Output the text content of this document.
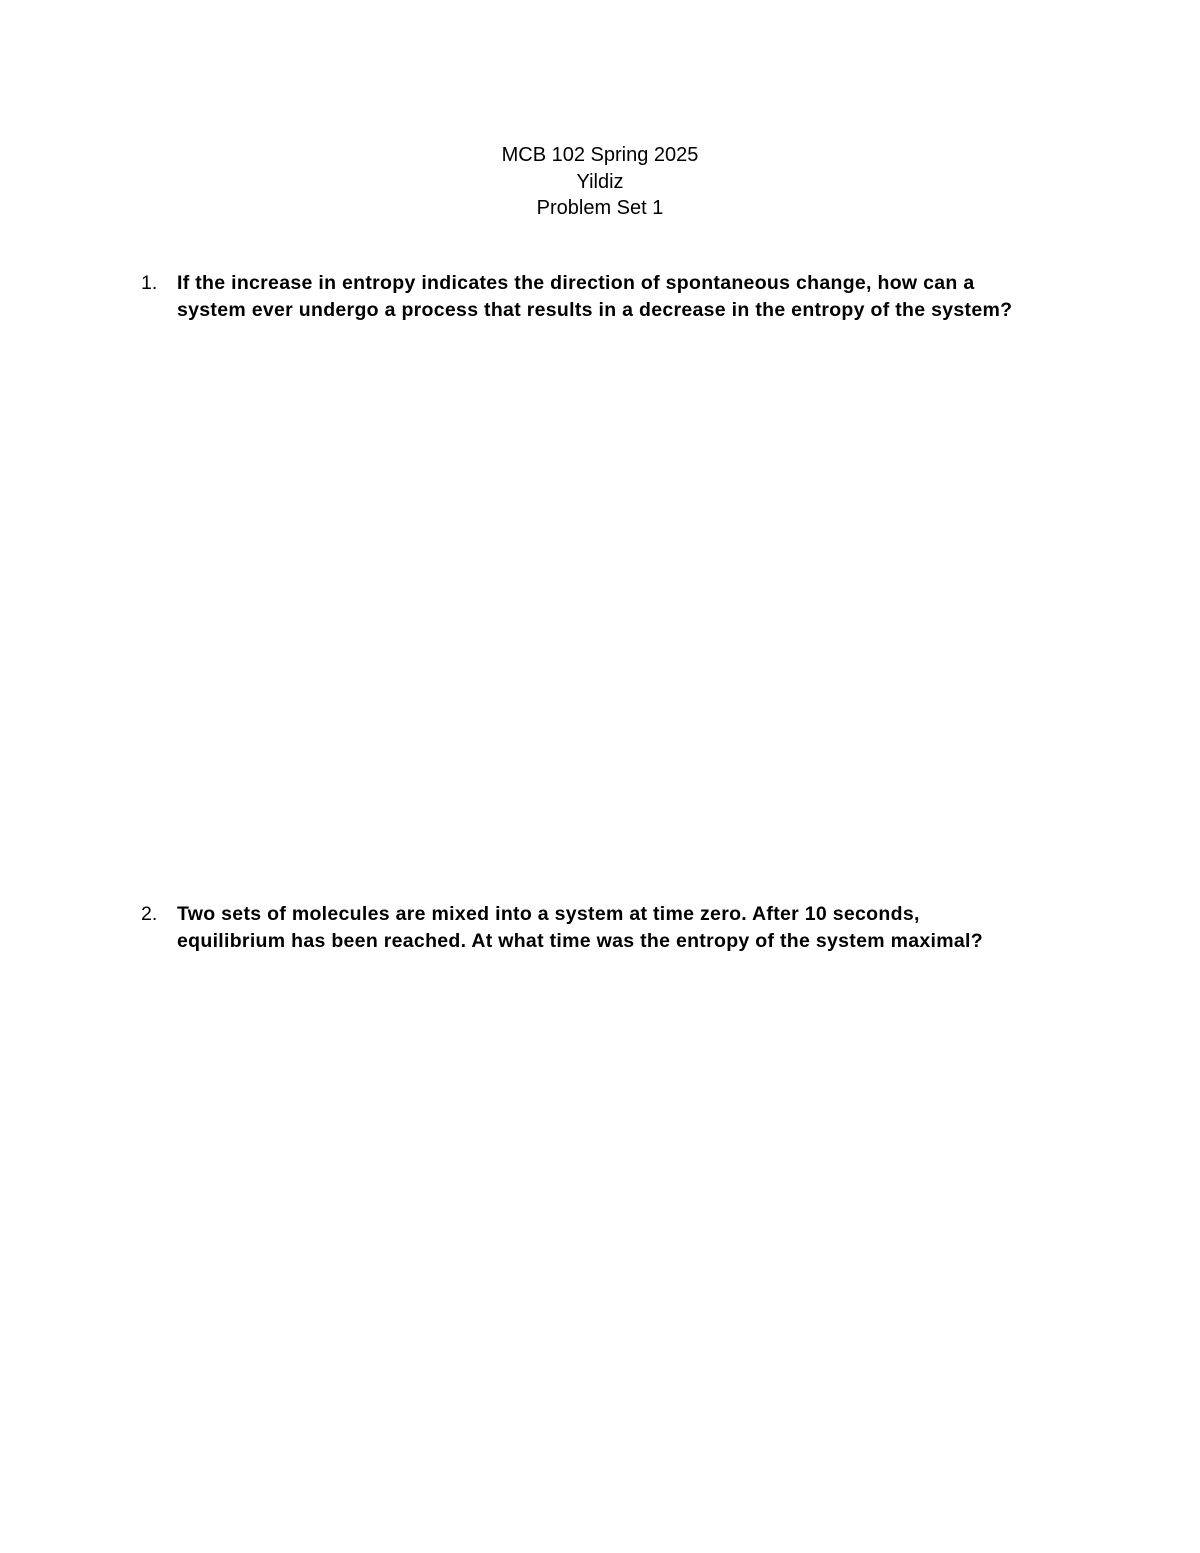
MCB 102 Spring 2025
Yildiz
Problem Set 1
1. If the increase in entropy indicates the direction of spontaneous change, how can a system ever undergo a process that results in a decrease in the entropy of the system?
2. Two sets of molecules are mixed into a system at time zero. After 10 seconds, equilibrium has been reached. At what time was the entropy of the system maximal?
